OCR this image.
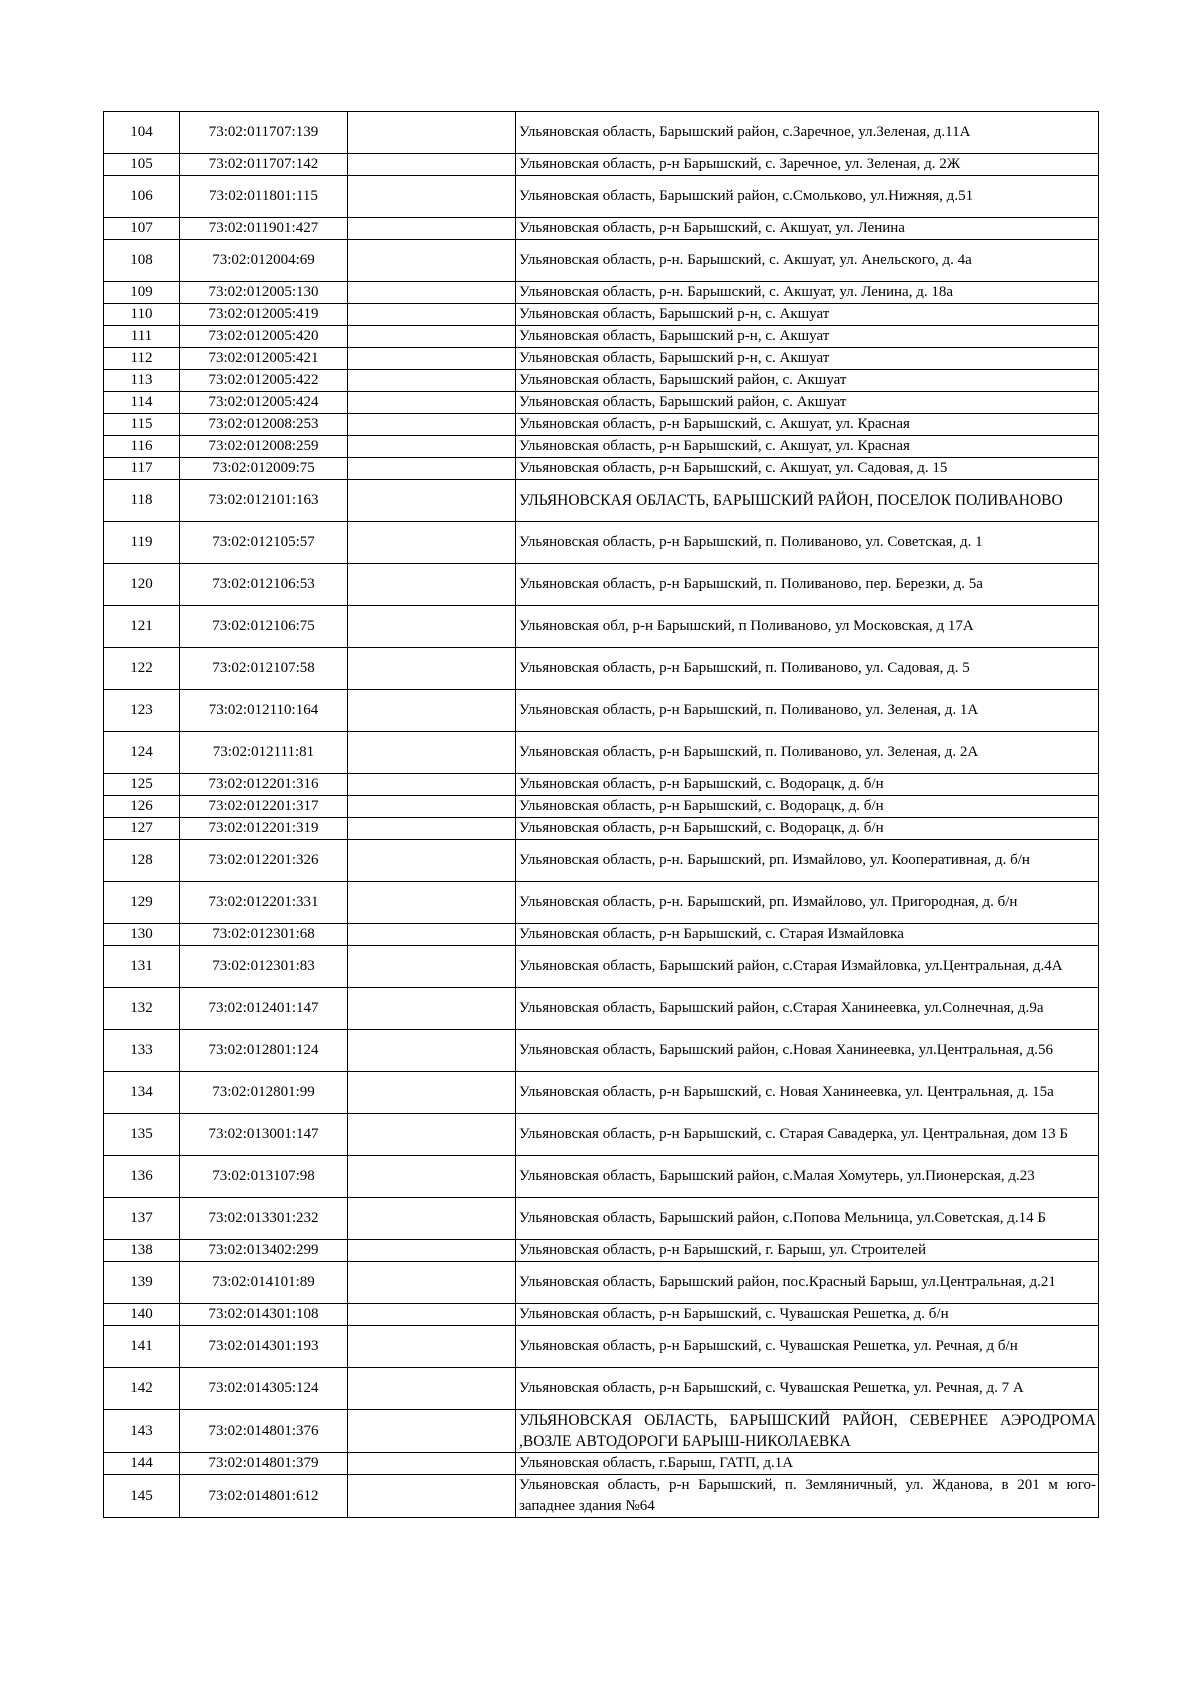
104	73:02:011707:139		Ульяновская область, Барышский район, с.Заречное, ул.Зеленая, д.11А
105	73:02:011707:142		Ульяновская область, р-н Барышский, с. Заречное, ул. Зеленая, д. 2Ж
106	73:02:011801:115		Ульяновская область, Барышский район, с.Смольково, ул.Нижняя, д.51
107	73:02:011901:427		Ульяновская область, р-н Барышский, с. Акшуат, ул. Ленина
108	73:02:012004:69		Ульяновская область, р-н. Барышский, с. Акшуат, ул. Анельского, д. 4а
109	73:02:012005:130		Ульяновская область, р-н. Барышский, с. Акшуат, ул. Ленина, д. 18а
110	73:02:012005:419		Ульяновская область, Барышский р-н, с. Акшуат
111	73:02:012005:420		Ульяновская область, Барышский р-н, с. Акшуат
112	73:02:012005:421		Ульяновская область, Барышский р-н, с. Акшуат
113	73:02:012005:422		Ульяновская область, Барышский район, с. Акшуат
114	73:02:012005:424		Ульяновская область, Барышский район, с. Акшуат
115	73:02:012008:253		Ульяновская область, р-н Барышский, с. Акшуат, ул. Красная
116	73:02:012008:259		Ульяновская область, р-н Барышский, с. Акшуат, ул. Красная
117	73:02:012009:75		Ульяновская область, р-н Барышский, с. Акшуат, ул. Садовая, д. 15
118	73:02:012101:163		УЛЬЯНОВСКАЯ ОБЛАСТЬ, БАРЫШСКИЙ РАЙОН, ПОСЕЛОК ПОЛИВАНОВО
119	73:02:012105:57		Ульяновская область, р-н Барышский, п. Поливаново, ул. Советская, д. 1
120	73:02:012106:53		Ульяновская область, р-н Барышский, п. Поливаново, пер. Березки, д. 5а
121	73:02:012106:75		Ульяновская обл, р-н Барышский, п Поливаново, ул Московская, д 17А
122	73:02:012107:58		Ульяновская область, р-н Барышский, п. Поливаново, ул. Садовая, д. 5
123	73:02:012110:164		Ульяновская область, р-н Барышский, п. Поливаново, ул. Зеленая, д. 1А
124	73:02:012111:81		Ульяновская область, р-н Барышский, п. Поливаново, ул. Зеленая, д. 2А
125	73:02:012201:316		Ульяновская область, р-н Барышский, с. Водорацк, д. б/н
126	73:02:012201:317		Ульяновская область, р-н Барышский, с. Водорацк, д. б/н
127	73:02:012201:319		Ульяновская область, р-н Барышский, с. Водорацк, д. б/н
128	73:02:012201:326		Ульяновская область, р-н. Барышский, рп. Измайлово, ул. Кооперативная, д. б/н
129	73:02:012201:331		Ульяновская область, р-н. Барышский, рп. Измайлово, ул. Пригородная, д. б/н
130	73:02:012301:68		Ульяновская область, р-н Барышский, с. Старая Измайловка
131	73:02:012301:83		Ульяновская область, Барышский район, с.Старая Измайловка, ул.Центральная, д.4А
132	73:02:012401:147		Ульяновская область, Барышский район, с.Старая Ханинеевка, ул.Солнечная, д.9а
133	73:02:012801:124		Ульяновская область, Барышский район, с.Новая Ханинеевка, ул.Центральная, д.56
134	73:02:012801:99		Ульяновская область, р-н Барышский, с. Новая Ханинеевка, ул. Центральная, д. 15а
135	73:02:013001:147		Ульяновская область, р-н Барышский, с. Старая Савадерка, ул. Центральная, дом 13 Б
136	73:02:013107:98		Ульяновская область, Барышский район, с.Малая Хомутерь, ул.Пионерская, д.23
137	73:02:013301:232		Ульяновская область, Барышский район, с.Попова Мельница, ул.Советская, д.14 Б
138	73:02:013402:299		Ульяновская область, р-н Барышский, г. Барыш, ул. Строителей
139	73:02:014101:89		Ульяновская область, Барышский район, пос.Красный Барыш, ул.Центральная, д.21
140	73:02:014301:108		Ульяновская область, р-н Барышский, с. Чувашская Решетка, д. б/н
141	73:02:014301:193		Ульяновская область, р-н Барышский, с. Чувашская Решетка, ул. Речная, д б/н
142	73:02:014305:124		Ульяновская область, р-н Барышский, с. Чувашская Решетка, ул. Речная, д. 7 А
143	73:02:014801:376		УЛЬЯНОВСКАЯ ОБЛАСТЬ, БАРЫШСКИЙ РАЙОН, СЕВЕРНЕЕ АЭРОДРОМА ,ВОЗЛЕ АВТОДОРОГИ БАРЫШ-НИКОЛАЕВКА
144	73:02:014801:379		Ульяновская область, г.Барыш, ГАТП, д.1А
145	73:02:014801:612		Ульяновская область, р-н Барышский, п. Земляничный, ул. Жданова, в 201 м юго-западнее здания №64
